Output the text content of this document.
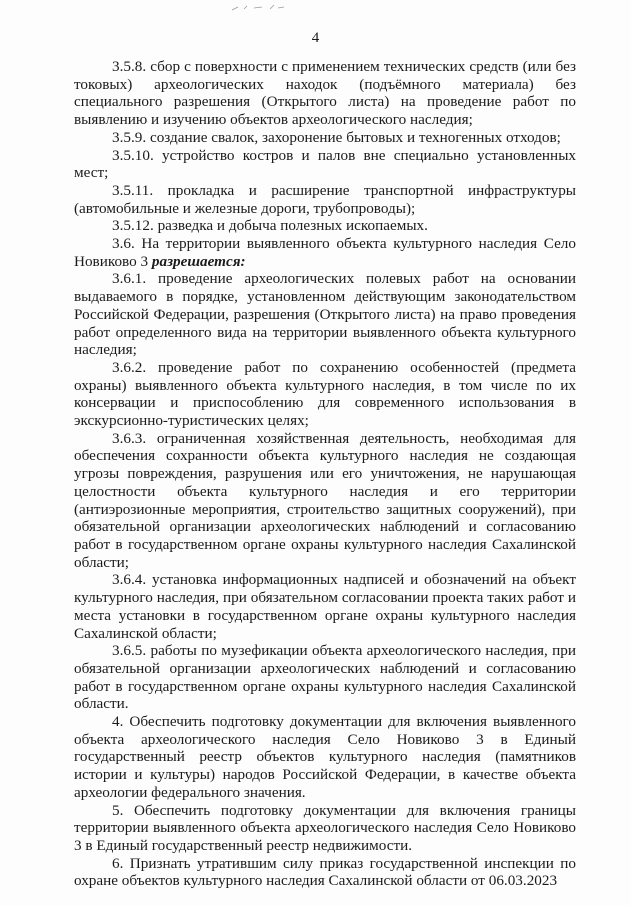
4

3.5.8. сбор с поверхности с применением технических средств (или без токовых) археологических находок (подъёмного материала) без специального разрешения (Открытого листа) на проведение работ по выявлению и изучению объектов археологического наследия;

3.5.9. создание свалок, захоронение бытовых и техногенных отходов;

3.5.10. устройство костров и палов вне специально установленных мест;

3.5.11. прокладка и расширение транспортной инфраструктуры (автомобильные и железные дороги, трубопроводы);

3.5.12. разведка и добыча полезных ископаемых.

3.6. На территории выявленного объекта культурного наследия Село Новиково 3 разрешается:

3.6.1. проведение археологических полевых работ на основании выдаваемого в порядке, установленном действующим законодательством Российской Федерации, разрешения (Открытого листа) на право проведения работ определенного вида на территории выявленного объекта культурного наследия;

3.6.2. проведение работ по сохранению особенностей (предмета охраны) выявленного объекта культурного наследия, в том числе по их консервации и приспособлению для современного использования в экскурсионно-туристических целях;

3.6.3. ограниченная хозяйственная деятельность, необходимая для обеспечения сохранности объекта культурного наследия не создающая угрозы повреждения, разрушения или его уничтожения, не нарушающая целостности объекта культурного наследия и его территории (антиэрозионные мероприятия, строительство защитных сооружений), при обязательной организации археологических наблюдений и согласованию работ в государственном органе охраны культурного наследия Сахалинской области;

3.6.4. установка информационных надписей и обозначений на объект культурного наследия, при обязательном согласовании проекта таких работ и места установки в государственном органе охраны культурного наследия Сахалинской области;

3.6.5. работы по музефикации объекта археологического наследия, при обязательной организации археологических наблюдений и согласованию работ в государственном органе охраны культурного наследия Сахалинской области.

4. Обеспечить подготовку документации для включения выявленного объекта археологического наследия Село Новиково 3 в Единый государственный реестр объектов культурного наследия (памятников истории и культуры) народов Российской Федерации, в качестве объекта археологии федерального значения.

5. Обеспечить подготовку документации для включения границы территории выявленного объекта археологического наследия Село Новиково 3 в Единый государственный реестр недвижимости.

6. Признать утратившим силу приказ государственной инспекции по охране объектов культурного наследия Сахалинской области от 06.03.2023
